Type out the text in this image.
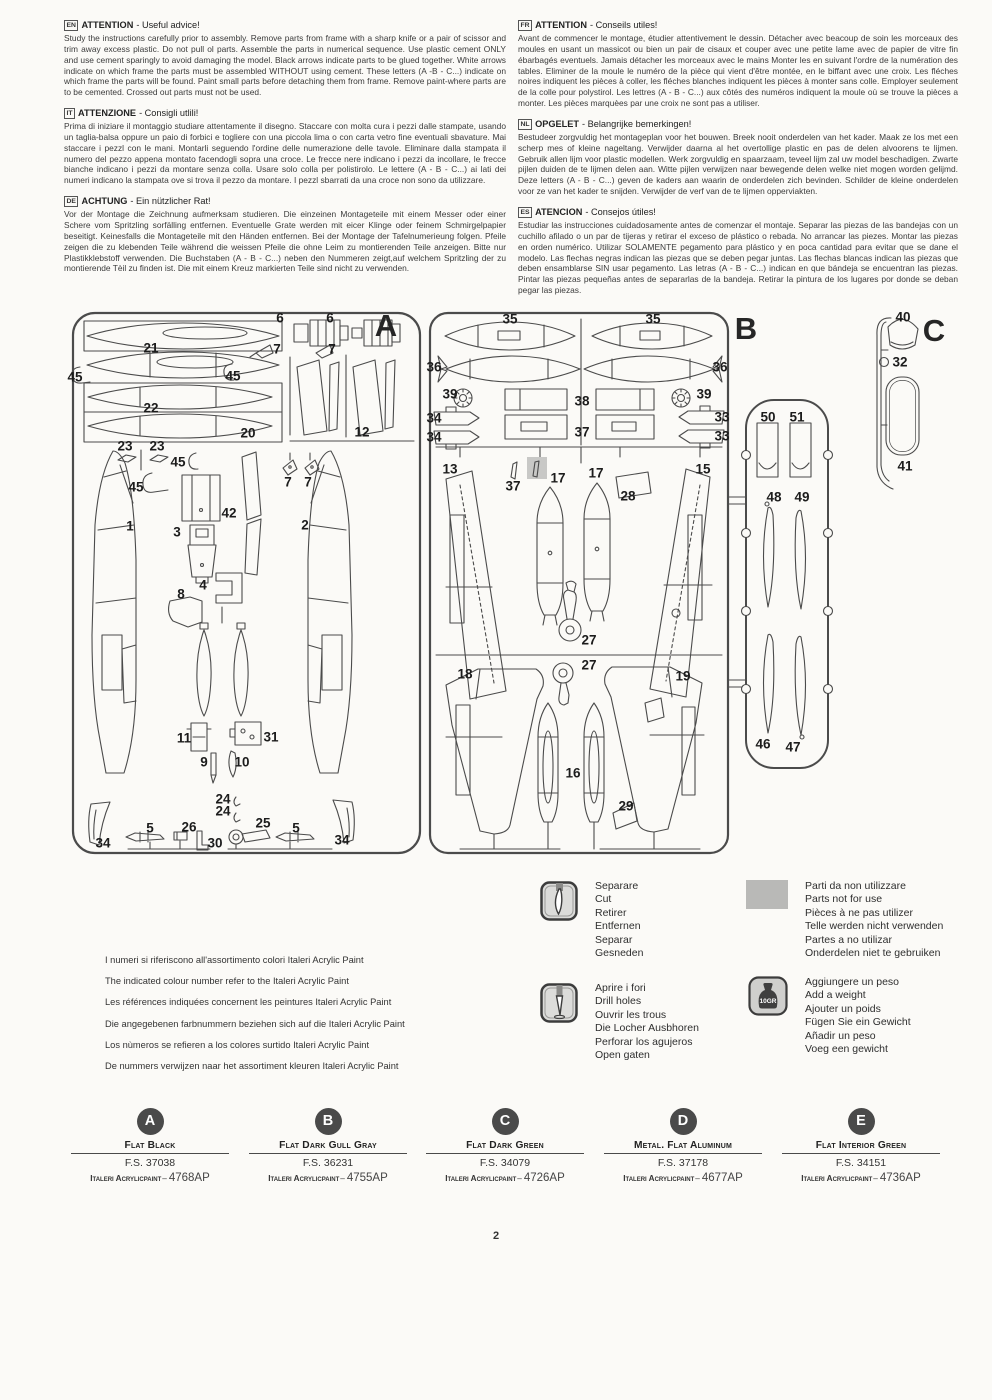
EN ATTENTION - Useful advice!
Study the instructions carefully prior to assembly. Remove parts from frame with a sharp knife or a pair of scissor and trim away excess plastic. Do not pull ol parts. Assemble the parts in numerical sequence. Use plastic cement ONLY and use cement sparingly to avoid damaging the model. Black arrows indicate parts to be glued together. White arrows indicate on which frame the parts must be assembled WITHOUT using cement. These letters (A -B - C...) indicate on which frame the parts will be found. Paint small parts before detaching them from frame. Remove paint-where parts are to be cemented. Crossed out parts must not be used.
IT ATTENZIONE - Consigli utlili!
Prima di iniziare il montaggio studiare attentamente il disegno. Staccare con molta cura i pezzi dalle stampate, usando un taglia-balsa oppure un paio di forbici e togliere con una piccola lima o con carta vetro fine eventuali sbavature. Mai staccare i pezzl con le mani. Montarli seguendo l'ordine delle numerazione delle tavole. Eliminare dalla stampata il numero del pezzo appena montato facendogli sopra una croce. Le frecce nere indicano i pezzi da incollare, le frecce bianche indicano i pezzi da montare senza colla. Usare solo colla per polistirolo. Le lettere (A - B - C...) ai lati dei numeri indicano la stampata ove si trova il pezzo da montare. I pezzl sbarrati da una croce non sono da utilizzare.
DE ACHTUNG - Ein nützlicher Rat!
Vor der Montage die Zeichnung aufmerksam studieren. Die einzeinen Montageteile mit einem Messer oder einer Schere vom Spritzling sorfälling entfernen. Eventuelle Grate werden mit eicer Klinge oder feinem Schmirgelpapier beseitigt. Keinesfalls die Montageteile mit den Händen entfernen. Bei der Montage der Tafelnumerieung folgen. Pfeile zeigen die zu klebenden Teile während die weissen Pfeile die ohne Leim zu montierenden Teile anzeigen. Bitte nur Plastikklebstoff verwenden. Die Buchstaben (A - B - C...) neben den Nummeren zeigt,auf welchem Spritzling der zu montierende Tèil zu finden ist. Die mit einem Kreuz markierten Teile sind nicht zu verwenden.
FR ATTENTION - Conseils utiles!
Avant de commencer le montage, étudier attentivement le dessin. Détacher avec beacoup de soin les morceaux des moules en usant un massicot ou bien un pair de cisaux et couper avec une petite lame avec de papier de vitre fin ébarbagés eventuels. Jamais détacher les morceaux avec le mains Monter les en suivant l'ordre de la numération des tables. Eliminer de la moule le numéro de la pièce qui vient d'être montée, en le biffant avec une croix. Les fléches noires indiquent les pièces à coller, les fléches blanches indiquent les pièces à monter sans colle. Employer seulement de la colle pour polystirol. Les lettres (A - B - C...) aux côtés des numéros indiquent la moule où se trouve la pièces a monter. Les pièces marquèes par une croix ne sont pas a utiliser.
NL OPGELET - Belangrijke bemerkingen!
Bestudeer zorgvuldig het montageplan voor het bouwen. Breek nooit onderdelen van het kader. Maak ze los met een scherp mes of kleine nageltang. Verwijder daarna al het overtollige plastic en pas de delen alvoorens te lijmen. Gebruik allen lijm voor plastic modellen. Werk zorgvuldig en spaarzaam, teveel lijm zal uw model beschadigen. Zwarte pijlen duiden de te lijmen delen aan. Witte pijlen verwijzen naar bewegende delen welke niet mogen worden gelijmd. Deze letters (A - B - C...) geven de kaders aan waarin de onderdelen zich bevinden. Schilder de kleine onderdelen voor ze van het kader te snijden. Verwijder de verf van de te lijmen opperviakten.
ES ATENCION - Consejos útiles!
Estudiar las instrucciones cuidadosamente antes de comenzar el montaje. Separar las piezas de las bandejas con un cuchillo afilado o un par de tijeras y retirar el exceso de plástico o rebada. No arrancar las piezes. Montar las piezas en orden numérico. Utilizar SOLAMENTE pegamento para plástico y en poca cantidad para evitar que se dane el modelo. Las flechas negras indican las piezas que se deben pegar juntas. Las flechas blancas indican las piezas que deben ensamblarse SIN usar pegamento. Las letras (A - B - C...) indican en que bándeja se encuentran las piezas. Pintar las piezas pequeñas antes de separarlas de la bandeja. Retirar la pintura de los lugares por donde se deban pegar las piezas.
6	6
7	7
21
45	45
22
20	12
23 23
45
45	7 7
1	2
3
42
4
8
11	31
9 10
24
24
5 26
30
25 5
34	34
35	35
36	36
39	39
38
34
34
33
33
37
13	15
37
17 17
28
27
27
18	19
16
29
50 51
48 49
46 47
40
32
41
A	B	C
I numeri si riferiscono all'assortimento colori Italeri Acrylic Paint
The indicated colour number refer to the Italeri Acrylic Paint
Les références indiquées concernent les peintures Italeri Acrylic Paint
Die angegebenen farbnummern beziehen sich auf die Italeri Acrylic Paint
Los nùmeros se refieren a los colores surtido Italeri Acrylic Paint
De nummers verwijzen naar het assortiment kleuren Italeri Acrylic Paint
Separare
Cut
Retirer
Entfernen
Separar
Gesneden
Parti da non utilizzare
Parts not for use
Pièces à ne pas utilizer
Telle werden nicht verwenden
Partes a no utilizar
Onderdelen niet te gebruiken
Aprire i fori
Drill holes
Ouvrir les trous
Die Locher Ausbhoren
Perforar los agujeros
Open gaten
10GR
Aggiungere un peso
Add a weight
Ajouter un poids
Fügen Sie ein Gewicht
Añadir un peso
Voeg een gewicht
A
Flat Black
F.S. 37038
Italeri Acrylicpaint– 4768AP
B
Flat Dark Gull Gray
F.S. 36231
Italeri Acrylicpaint– 4755AP
C
Flat Dark Green
F.S. 34079
Italeri Acrylicpaint– 4726AP
D
Metal. Flat Aluminum
F.S. 37178
Italeri Acrylicpaint– 4677AP
E
Flat Interior Green
F.S. 34151
Italeri Acrylicpaint– 4736AP
2
